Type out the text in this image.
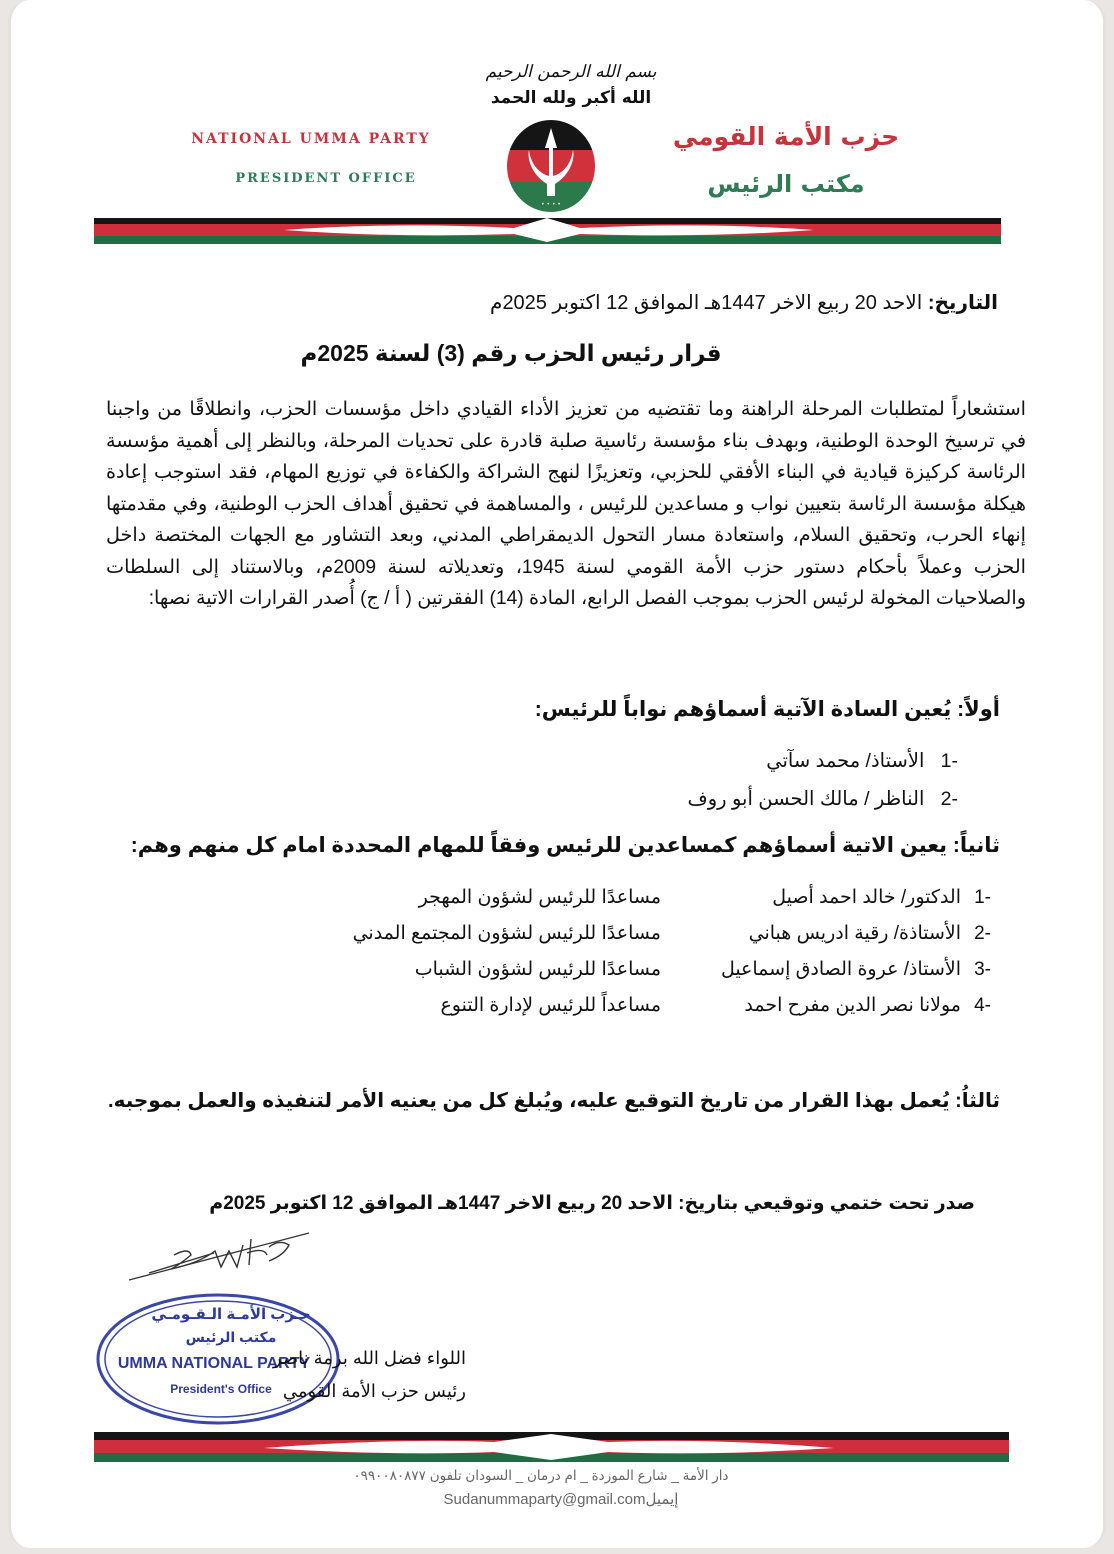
بسم الله الرحمن الرحيم
الله أكبر ولله الحمد
NATIONAL UMMA PARTY
PRESIDENT OFFICE
حزب الأمة القومي
مكتب الرئيس
• • • •
التاريخ: الاحد 20 ربيع الاخر 1447هـ الموافق 12 اكتوبر 2025م
قرار رئيس الحزب رقم (3) لسنة 2025م
استشعاراً لمتطلبات المرحلة الراهنة وما تقتضيه من تعزيز الأداء القيادي داخل مؤسسات الحزب، وانطلاقًا من واجبنا في ترسيخ الوحدة الوطنية، وبهدف بناء مؤسسة رئاسية صلبة قادرة على تحديات المرحلة، وبالنظر إلى أهمية مؤسسة الرئاسة كركيزة قيادية في البناء الأفقي للحزبي، وتعزيزًا لنهج الشراكة والكفاءة في توزيع المهام، فقد استوجب إعادة هيكلة مؤسسة الرئاسة بتعيين نواب و مساعدين للرئيس ، والمساهمة في تحقيق أهداف الحزب الوطنية، وفي مقدمتها إنهاء الحرب، وتحقيق السلام، واستعادة مسار التحول الديمقراطي المدني، وبعد التشاور مع الجهات المختصة داخل الحزب وعملاً بأحكام دستور حزب الأمة القومي لسنة 1945، وتعديلاته لسنة 2009م، وبالاستناد إلى السلطات والصلاحيات المخولة لرئيس الحزب بموجب الفصل الرابع، المادة (14) الفقرتين ( أ / ج) أُصدر القرارات الاتية نصها:
أولاً: يُعين السادة الآتية أسماؤهم نواباً للرئيس:
-1   الأستاذ/ محمد سآتي
-2   الناظر / مالك الحسن أبو روف
ثانياً: يعين الاتية أسماؤهم كمساعدين للرئيس وفقاً للمهام المحددة امام كل منهم وهم:
-1
الدكتور/ خالد احمد أصيل
مساعدًا للرئيس لشؤون المهجر
-2
الأستاذة/ رقية ادريس هباني
مساعدًا للرئيس لشؤون المجتمع المدني
-3
الأستاذ/ عروة الصادق إسماعيل
مساعدًا للرئيس لشؤون الشباب
-4
مولانا نصر الدين مفرح احمد
مساعداً للرئيس لإدارة التنوع
ثالثاُ: يُعمل بهذا القرار من تاريخ التوقيع عليه، ويُبلغ كل من يعنيه الأمر لتنفيذه والعمل بموجبه.
صدر تحت ختمي وتوقيعي بتاريخ: الاحد 20 ربيع الاخر 1447هـ الموافق 12 اكتوبر 2025م
حـزب الأمـة الـقـومـي
مكتب الرئيس
UMMA NATIONAL PARTY
President's Office
اللواء فضل الله برمة ناصر
رئيس حزب الأمة القومي
دار الأمة _ شارع الموردة _ ام درمان _ السودان تلفون ٠٩٩٠٠٨٠٨٧٧
Sudanummaparty@gmail.comإيميل
